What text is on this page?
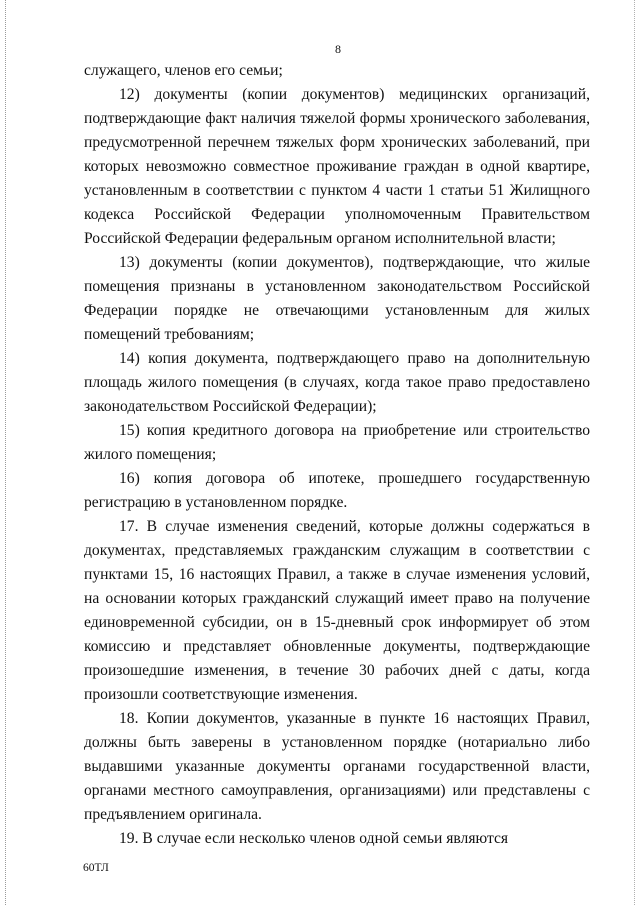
8

служащего, членов его семьи;

12) документы (копии документов) медицинских организаций, подтверждающие факт наличия тяжелой формы хронического заболевания, предусмотренной перечнем тяжелых форм хронических заболеваний, при которых невозможно совместное проживание граждан в одной квартире, установленным в соответствии с пунктом 4 части 1 статьи 51 Жилищного кодекса Российской Федерации уполномоченным Правительством Российской Федерации федеральным органом исполнительной власти;

13) документы (копии документов), подтверждающие, что жилые помещения признаны в установленном законодательством Российской Федерации порядке не отвечающими установленным для жилых помещений требованиям;

14) копия документа, подтверждающего право на дополнительную площадь жилого помещения (в случаях, когда такое право предоставлено законодательством Российской Федерации);

15) копия кредитного договора на приобретение или строительство жилого помещения;

16) копия договора об ипотеке, прошедшего государственную регистрацию в установленном порядке.

17. В случае изменения сведений, которые должны содержаться в документах, представляемых гражданским служащим в соответствии с пунктами 15, 16 настоящих Правил, а также в случае изменения условий, на основании которых гражданский служащий имеет право на получение единовременной субсидии, он в 15-дневный срок информирует об этом комиссию и представляет обновленные документы, подтверждающие произошедшие изменения, в течение 30 рабочих дней с даты, когда произошли соответствующие изменения.

18. Копии документов, указанные в пункте 16 настоящих Правил, должны быть заверены в установленном порядке (нотариально либо выдавшими указанные документы органами государственной власти, органами местного самоуправления, организациями) или представлены с предъявлением оригинала.

19. В случае если несколько членов одной семьи являются

60ТЛ
